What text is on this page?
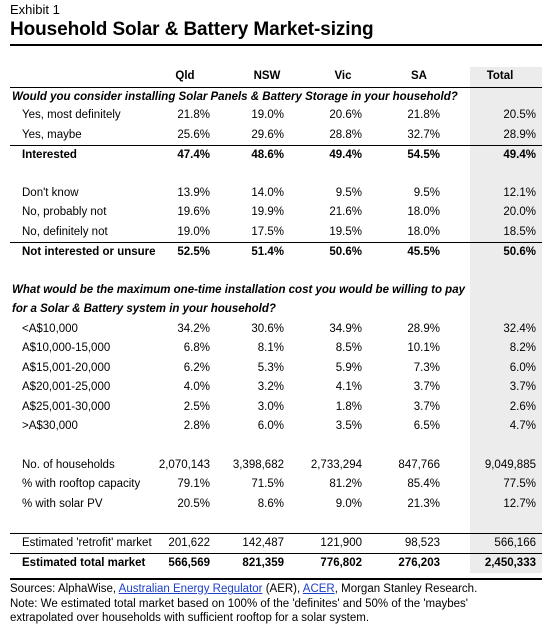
Exhibit 1
Household Solar & Battery Market-sizing
Qld	NSW	Vic	SA	Total
Would you consider installing Solar Panels & Battery Storage in your household?
Yes, most definitely	21.8%	19.0%	20.6%	21.8%	20.5%
Yes, maybe	25.6%	29.6%	28.8%	32.7%	28.9%
Interested	47.4%	48.6%	49.4%	54.5%	49.4%
Don't know	13.9%	14.0%	9.5%	9.5%	12.1%
No, probably not	19.6%	19.9%	21.6%	18.0%	20.0%
No, definitely not	19.0%	17.5%	19.5%	18.0%	18.5%
Not interested or unsure	52.5%	51.4%	50.6%	45.5%	50.6%
What would be the maximum one-time installation cost you would be willing to pay
for a Solar & Battery system in your household?
<A$10,000	34.2%	30.6%	34.9%	28.9%	32.4%
A$10,000-15,000	6.8%	8.1%	8.5%	10.1%	8.2%
A$15,001-20,000	6.2%	5.3%	5.9%	7.3%	6.0%
A$20,001-25,000	4.0%	3.2%	4.1%	3.7%	3.7%
A$25,001-30,000	2.5%	3.0%	1.8%	3.7%	2.6%
>A$30,000	2.8%	6.0%	3.5%	6.5%	4.7%
No. of households	2,070,143	3,398,682	2,733,294	847,766	9,049,885
% with rooftop capacity	79.1%	71.5%	81.2%	85.4%	77.5%
% with solar PV	20.5%	8.6%	9.0%	21.3%	12.7%
Estimated 'retrofit' market	201,622	142,487	121,900	98,523	566,166
Estimated total market	566,569	821,359	776,802	276,203	2,450,333
Sources: AlphaWise, Australian Energy Regulator (AER), ACER, Morgan Stanley Research.
Note: We estimated total market based on 100% of the 'definites' and 50% of the 'maybes'
extrapolated over households with sufficient rooftop for a solar system.
